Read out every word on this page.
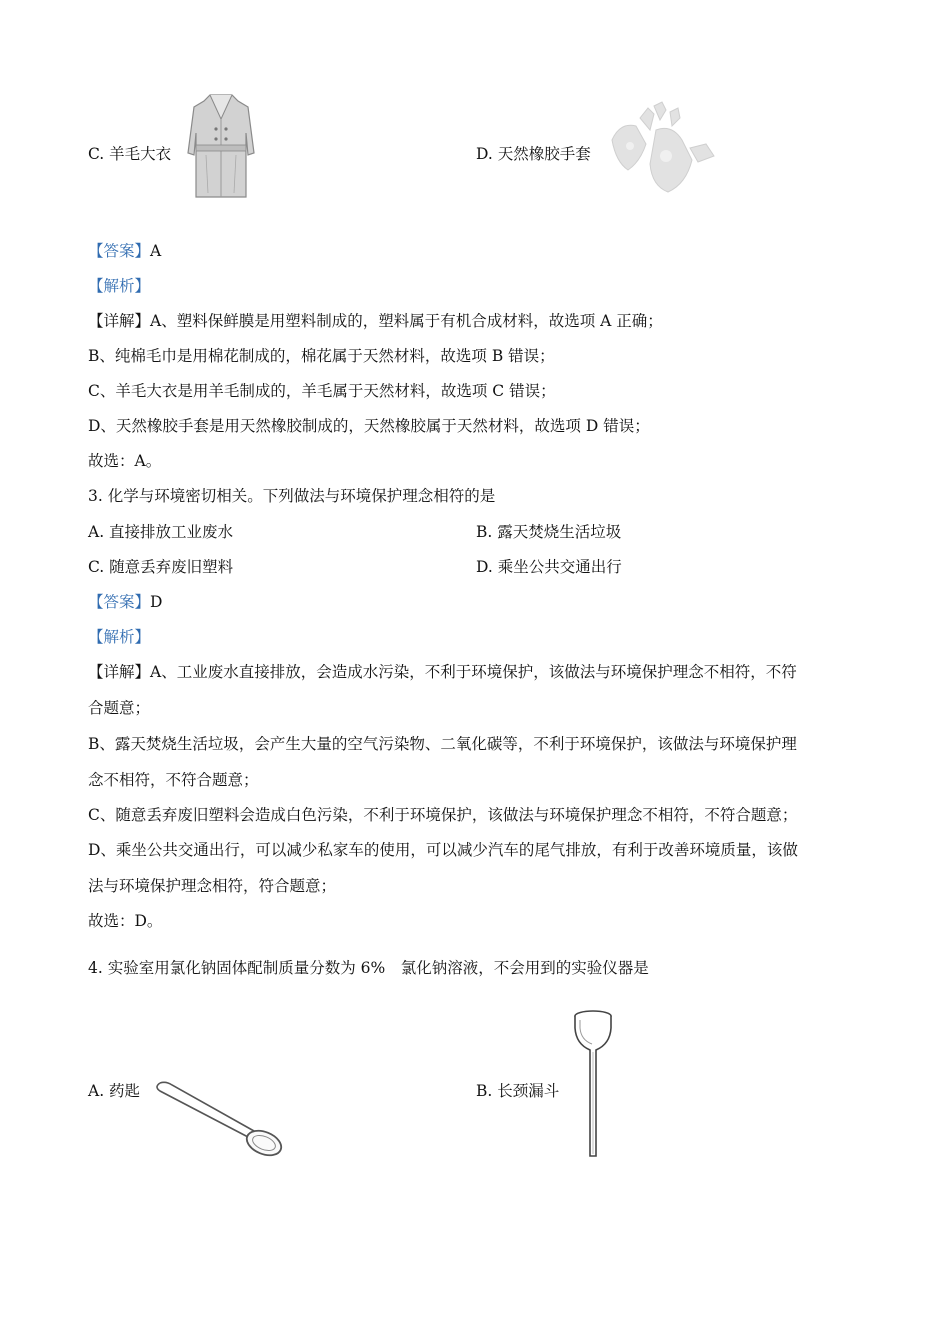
C. 羊毛大衣	D. 天然橡胶手套
【答案】A
【解析】
【详解】A、塑料保鲜膜是用塑料制成的，塑料属于有机合成材料，故选项 A 正确；
B、纯棉毛巾是用棉花制成的，棉花属于天然材料，故选项 B 错误；
C、羊毛大衣是用羊毛制成的，羊毛属于天然材料，故选项 C 错误；
D、天然橡胶手套是用天然橡胶制成的，天然橡胶属于天然材料，故选项 D 错误；
故选：A。
3. 化学与环境密切相关。下列做法与环境保护理念相符的是
A. 直接排放工业废水	B. 露天焚烧生活垃圾
C. 随意丢弃废旧塑料	D. 乘坐公共交通出行
【答案】D
【解析】
【详解】A、工业废水直接排放，会造成水污染，不利于环境保护，该做法与环境保护理念不相符，不符
合题意；
B、露天焚烧生活垃圾，会产生大量的空气污染物、二氧化碳等，不利于环境保护，该做法与环境保护理
念不相符，不符合题意；
C、随意丢弃废旧塑料会造成白色污染，不利于环境保护，该做法与环境保护理念不相符，不符合题意；
D、乘坐公共交通出行，可以减少私家车的使用，可以减少汽车的尾气排放，有利于改善环境质量，该做
法与环境保护理念相符，符合题意；
故选：D。
4. 实验室用氯化钠固体配制质量分数为 6%　氯化钠溶液，不会用到的实验仪器是
A. 药匙	B. 长颈漏斗
